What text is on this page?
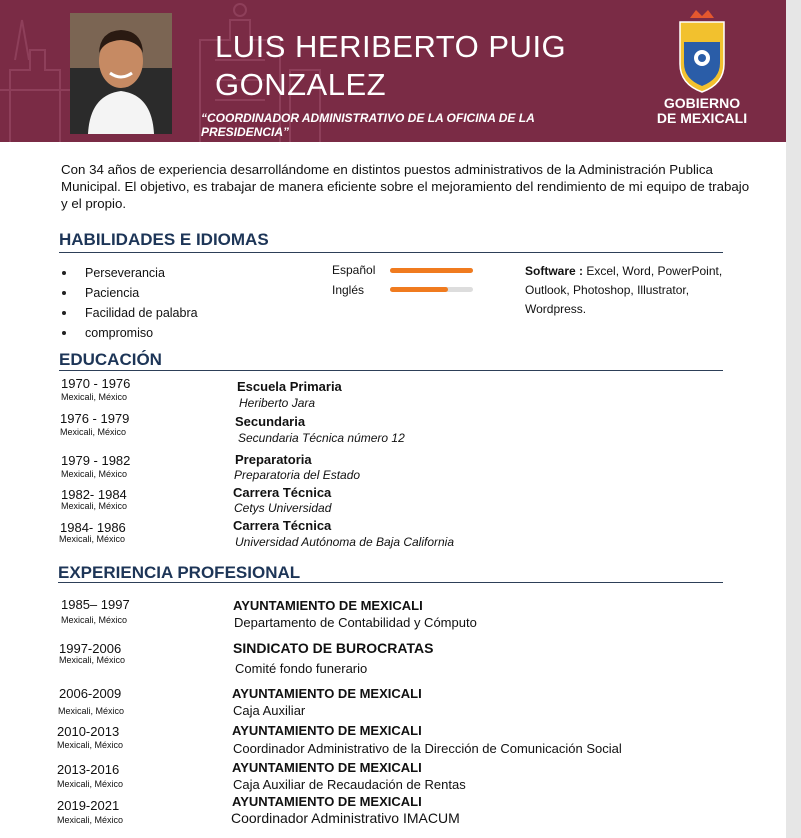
LUIS HERIBERTO PUIG
GONZALEZ
“COORDINADOR ADMINISTRATIVO DE LA OFICINA DE LA PRESIDENCIA”
GOBIERNO
DE MEXICALI
Con 34 años de experiencia desarrollándome en distintos puestos administrativos de la Administración Publica Municipal. El objetivo, es trabajar de manera eficiente sobre el mejoramiento del rendimiento de mi equipo de trabajo y el propio.
HABILIDADES E IDIOMAS
Perseverancia
Paciencia
Facilidad de palabra
compromiso
Español
Inglés
Software : Excel, Word, PowerPoint, Outlook, Photoshop, Illustrator, Wordpress.
EDUCACIÓN
1970 - 1976
Mexicali, México
Escuela Primaria
Heriberto Jara
1976 - 1979
Mexicali, México
Secundaria
Secundaria Técnica número 12
1979 - 1982
Mexicali, México
Preparatoria
Preparatoria del Estado
1982- 1984
Mexicali, México
Carrera Técnica
Cetys Universidad
1984- 1986
Mexicali, México
Carrera Técnica
Universidad Autónoma de Baja California
EXPERIENCIA PROFESIONAL
1985– 1997
Mexicali, México
AYUNTAMIENTO DE MEXICALI
Departamento de Contabilidad y Cómputo
1997-2006
Mexicali, México
SINDICATO DE BUROCRATAS
Comité fondo funerario
2006-2009
Mexicali, México
AYUNTAMIENTO DE MEXICALI
Caja Auxiliar
2010-2013
Mexicali, México
AYUNTAMIENTO DE MEXICALI
Coordinador Administrativo de la Dirección de Comunicación Social
2013-2016
Mexicali, México
AYUNTAMIENTO DE MEXICALI
Caja Auxiliar de Recaudación de Rentas
2019-2021
Mexicali, México
AYUNTAMIENTO DE MEXICALI
Coordinador Administrativo IMACUM
